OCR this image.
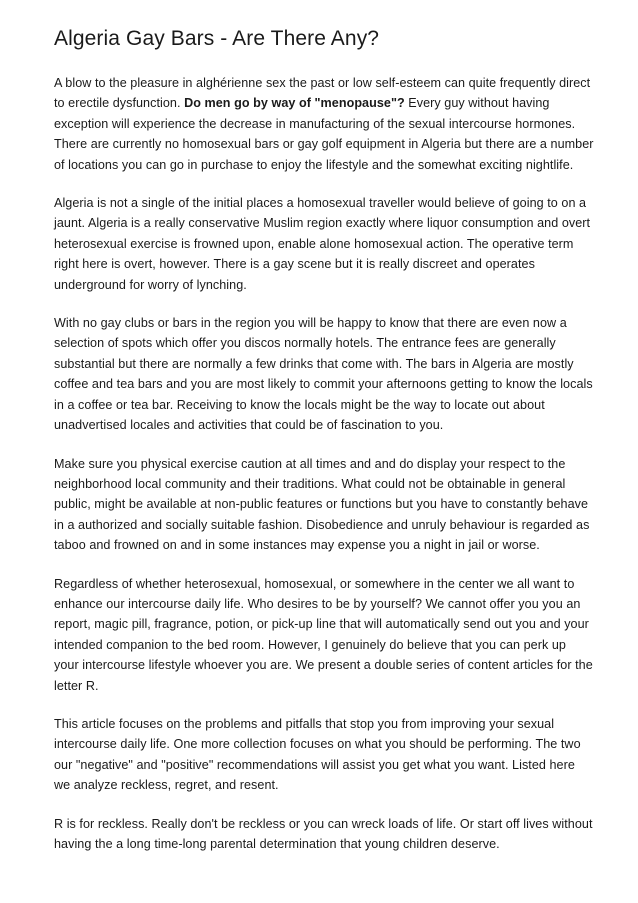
Algeria Gay Bars - Are There Any?

A blow to the pleasure in alghérienne sex the past or low self-esteem can quite frequently direct to erectile dysfunction. Do men go by way of "menopause"? Every guy without having exception will experience the decrease in manufacturing of the sexual intercourse hormones. There are currently no homosexual bars or gay golf equipment in Algeria but there are a number of locations you can go in purchase to enjoy the lifestyle and the somewhat exciting nightlife.

Algeria is not a single of the initial places a homosexual traveller would believe of going to on a jaunt. Algeria is a really conservative Muslim region exactly where liquor consumption and overt heterosexual exercise is frowned upon, enable alone homosexual action. The operative term right here is overt, however. There is a gay scene but it is really discreet and operates underground for worry of lynching.

With no gay clubs or bars in the region you will be happy to know that there are even now a selection of spots which offer you discos normally hotels. The entrance fees are generally substantial but there are normally a few drinks that come with. The bars in Algeria are mostly coffee and tea bars and you are most likely to commit your afternoons getting to know the locals in a coffee or tea bar. Receiving to know the locals might be the way to locate out about unadvertised locales and activities that could be of fascination to you.

Make sure you physical exercise caution at all times and and do display your respect to the neighborhood local community and their traditions. What could not be obtainable in general public, might be available at non-public features or functions but you have to constantly behave in a authorized and socially suitable fashion. Disobedience and unruly behaviour is regarded as taboo and frowned on and in some instances may expense you a night in jail or worse.

Regardless of whether heterosexual, homosexual, or somewhere in the center we all want to enhance our intercourse daily life. Who desires to be by yourself? We cannot offer you you an report, magic pill, fragrance, potion, or pick-up line that will automatically send out you and your intended companion to the bed room. However, I genuinely do believe that you can perk up your intercourse lifestyle whoever you are. We present a double series of content articles for the letter R.

This article focuses on the problems and pitfalls that stop you from improving your sexual intercourse daily life. One more collection focuses on what you should be performing. The two our "negative" and "positive" recommendations will assist you get what you want. Listed here we analyze reckless, regret, and resent.

R is for reckless. Really don't be reckless or you can wreck loads of life. Or start off lives without having the a long time-long parental determination that young children deserve.
